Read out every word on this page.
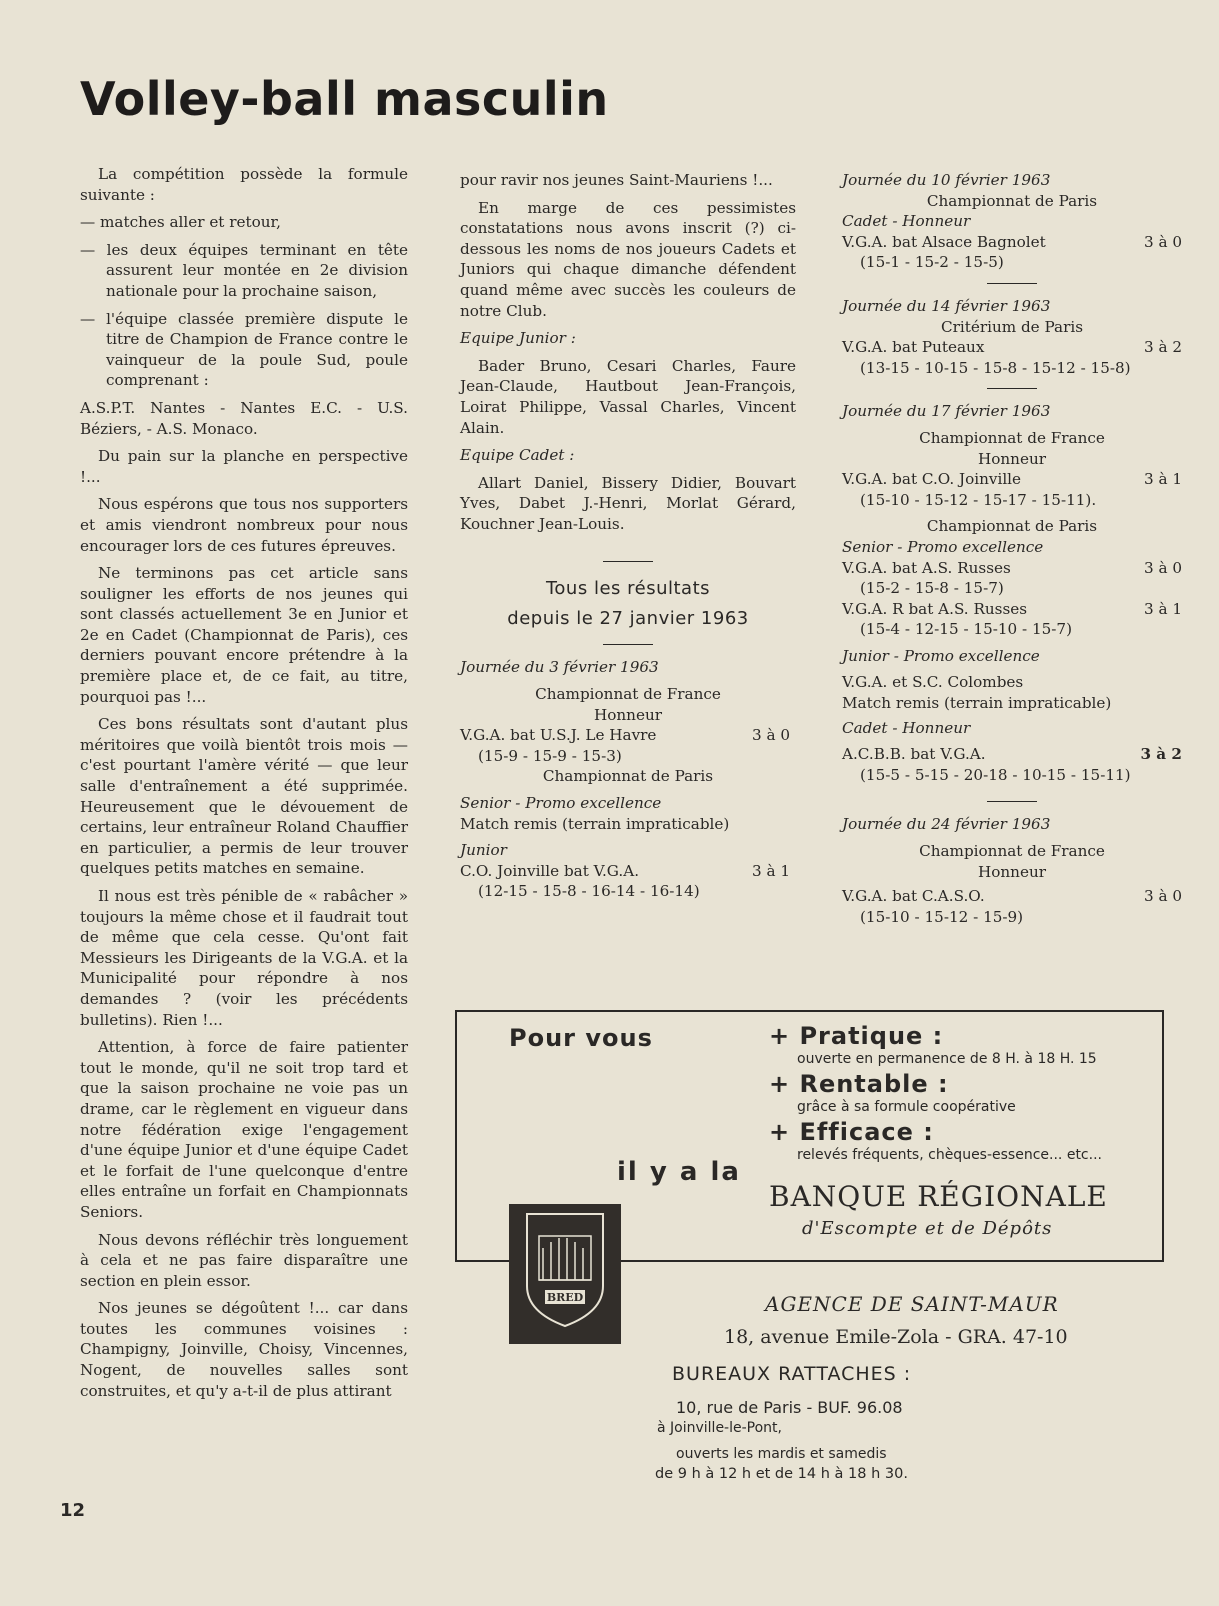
Volley-ball masculin

La compétition possède la formule suivante :

— matches aller et retour,

— les deux équipes terminant en tête assurent leur montée en 2e division nationale pour la prochaine saison,

— l'équipe classée première dispute le titre de Champion de France contre le vainqueur de la poule Sud, poule comprenant :

A.S.P.T. Nantes - Nantes E.C. - U.S. Béziers, - A.S. Monaco.

Du pain sur la planche en perspective !...

Nous espérons que tous nos supporters et amis viendront nombreux pour nous encourager lors de ces futures épreuves.

Ne terminons pas cet article sans souligner les efforts de nos jeunes qui sont classés actuellement 3e en Junior et 2e en Cadet (Championnat de Paris), ces derniers pouvant encore prétendre à la première place et, de ce fait, au titre, pourquoi pas !...

Ces bons résultats sont d'autant plus méritoires que voilà bientôt trois mois — c'est pourtant l'amère vérité — que leur salle d'entraînement a été supprimée. Heureusement que le dévouement de certains, leur entraîneur Roland Chauffier en particulier, a permis de leur trouver quelques petits matches en semaine.

Il nous est très pénible de « rabâcher » toujours la même chose et il faudrait tout de même que cela cesse. Qu'ont fait Messieurs les Dirigeants de la V.G.A. et la Municipalité pour répondre à nos demandes ? (voir les précédents bulletins). Rien !...

Attention, à force de faire patienter tout le monde, qu'il ne soit trop tard et que la saison prochaine ne voie pas un drame, car le règlement en vigueur dans notre fédération exige l'engagement d'une équipe Junior et d'une équipe Cadet et le forfait de l'une quelconque d'entre elles entraîne un forfait en Championnats Seniors.

Nous devons réfléchir très longuement à cela et ne pas faire disparaître une section en plein essor.

Nos jeunes se dégoûtent !... car dans toutes les communes voisines : Champigny, Joinville, Choisy, Vincennes, Nogent, de nouvelles salles sont construites, et qu'y a-t-il de plus attirant

pour ravir nos jeunes Saint-Mauriens !...

En marge de ces pessimistes constatations nous avons inscrit (?) ci-dessous les noms de nos joueurs Cadets et Juniors qui chaque dimanche défendent quand même avec succès les couleurs de notre Club.

Equipe Junior :

Bader Bruno, Cesari Charles, Faure Jean-Claude, Hautbout Jean-François, Loirat Philippe, Vassal Charles, Vincent Alain.

Equipe Cadet :

Allart Daniel, Bissery Didier, Bouvart Yves, Dabet J.-Henri, Morlat Gérard, Kouchner Jean-Louis.

Tous les résultats
depuis le 27 janvier 1963

Journée du 3 février 1963

Championnat de France
Honneur
V.G.A. bat U.S.J. Le Havre	3 à 0
(15-9 - 15-9 - 15-3)
Championnat de Paris
Senior - Promo excellence
Match remis (terrain impraticable)
Junior
C.O. Joinville bat V.G.A.	3 à 1
(12-15 - 15-8 - 16-14 - 16-14)
Journée du 10 février 1963
Championnat de Paris
Cadet - Honneur
V.G.A. bat Alsace Bagnolet	3 à 0
(15-1 - 15-2 - 15-5)
Journée du 14 février 1963
Critérium de Paris
V.G.A. bat Puteaux	3 à 2
(13-15 - 10-15 - 15-8 - 15-12 - 15-8)
Journée du 17 février 1963
Championnat de France
Honneur
V.G.A. bat C.O. Joinville	3 à 1
(15-10 - 15-12 - 15-17 - 15-11).
Championnat de Paris
Senior - Promo excellence
V.G.A. bat A.S. Russes	3 à 0
(15-2 - 15-8 - 15-7)
V.G.A. R bat A.S. Russes	3 à 1
(15-4 - 12-15 - 15-10 - 15-7)
Junior - Promo excellence
V.G.A. et S.C. Colombes
Match remis (terrain impraticable)
Cadet - Honneur
A.C.B.B. bat V.G.A.	3 à 2
(15-5 - 5-15 - 20-18 - 10-15 - 15-11)
Journée du 24 février 1963
Championnat de France
Honneur
V.G.A. bat C.A.S.O.	3 à 0
(15-10 - 15-12 - 15-9)
Pour vous
il y a la
+ Pratique :
ouverte en permanence de 8 H. à 18 H. 15
+ Rentable :
grâce à sa formule coopérative
+ Efficace :
relevés fréquents, chèques-essence... etc...
BANQUE RÉGIONALE
d'Escompte et de Dépôts
BRED	AGENCE DE SAINT-MAUR
18, avenue Emile-Zola - GRA. 47-10
BUREAUX RATTACHES :
10, rue de Paris - BUF. 96.08
à Joinville-le-Pont,
ouverts les mardis et samedis
de 9 h à 12 h et de 14 h à 18 h 30.
12
